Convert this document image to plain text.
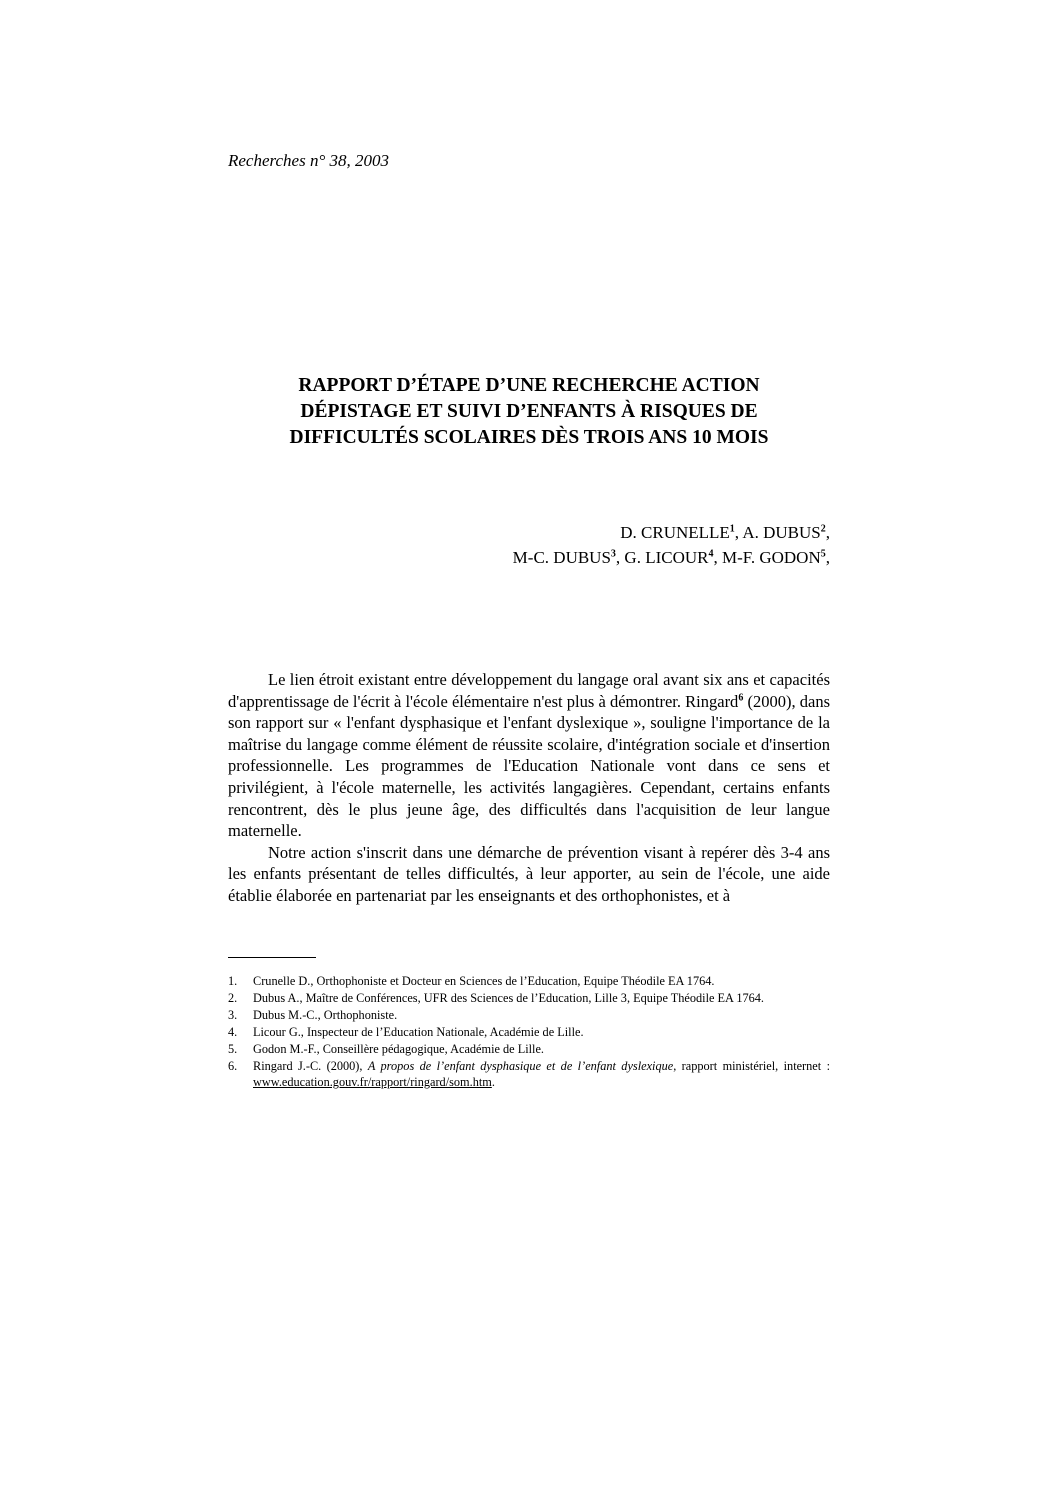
Recherches n° 38, 2003
RAPPORT D’ÉTAPE D’UNE RECHERCHE ACTION
DÉPISTAGE ET SUIVI D’ENFANTS À RISQUES DE
DIFFICULTÉS SCOLAIRES DÈS TROIS ANS 10 MOIS
D. CRUNELLE$^1$, A. DUBUS$^2$,
M-C. DUBUS$^3$, G. LICOUR$^4$, M-F. GODON$^5$,

Le lien étroit existant entre développement du langage oral avant six ans et capacités d'apprentissage de l'écrit à l'école élémentaire n'est plus à démontrer. Ringard$^6$ (2000), dans son rapport sur « l'enfant dysphasique et l'enfant dyslexique », souligne l'importance de la maîtrise du langage comme élément de réussite scolaire, d'intégration sociale et d'insertion professionnelle. Les programmes de l'Education Nationale vont dans ce sens et privilégient, à l'école maternelle, les activités langagières. Cependant, certains enfants rencontrent, dès le plus jeune âge, des difficultés dans l'acquisition de leur langue maternelle.

Notre action s'inscrit dans une démarche de prévention visant à repérer dès 3-4 ans les enfants présentant de telles difficultés, à leur apporter, au sein de l'école, une aide établie élaborée en partenariat par les enseignants et des orthophonistes, et à

1. Crunelle D., Orthophoniste et Docteur en Sciences de l’Education, Equipe Théodile EA 1764.
2. Dubus A., Maître de Conférences, UFR des Sciences de l’Education, Lille 3, Equipe Théodile EA 1764.
3. Dubus M.-C., Orthophoniste.
4. Licour G., Inspecteur de l’Education Nationale, Académie de Lille.
5. Godon M.-F., Conseillère pédagogique, Académie de Lille.
6. Ringard J.-C. (2000), A propos de l’enfant dysphasique et de l’enfant dyslexique, rapport ministériel, internet : www.education.gouv.fr/rapport/ringard/som.htm.
